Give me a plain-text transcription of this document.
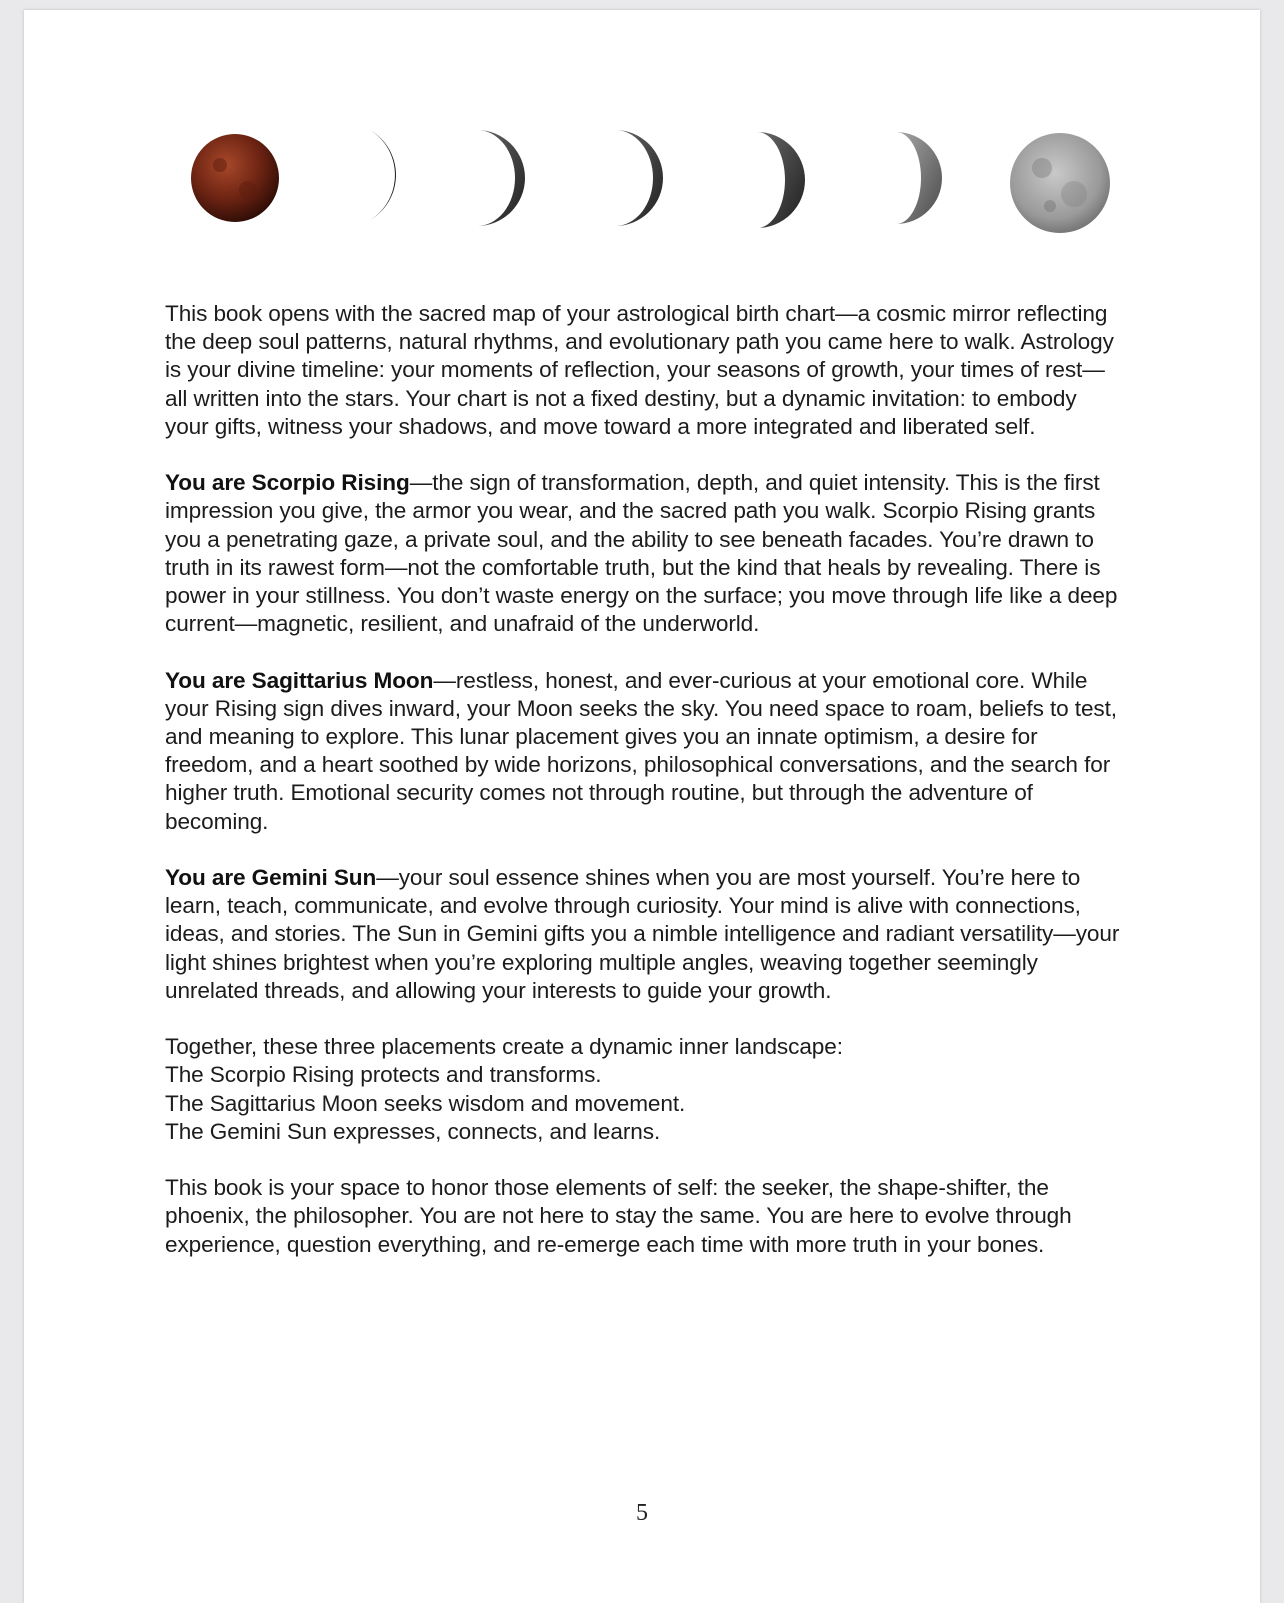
This book opens with the sacred map of your astrological birth chart—a cosmic mirror reflecting the deep soul patterns, natural rhythms, and evolutionary path you came here to walk. Astrology is your divine timeline: your moments of reflection, your seasons of growth, your times of rest—all written into the stars. Your chart is not a fixed destiny, but a dynamic invitation: to embody your gifts, witness your shadows, and move toward a more integrated and liberated self.

You are Scorpio Rising—the sign of transformation, depth, and quiet intensity. This is the first impression you give, the armor you wear, and the sacred path you walk. Scorpio Rising grants you a penetrating gaze, a private soul, and the ability to see beneath facades. You’re drawn to truth in its rawest form—not the comfortable truth, but the kind that heals by revealing. There is power in your stillness. You don’t waste energy on the surface; you move through life like a deep current—magnetic, resilient, and unafraid of the underworld.

You are Sagittarius Moon—restless, honest, and ever-curious at your emotional core. While your Rising sign dives inward, your Moon seeks the sky. You need space to roam, beliefs to test, and meaning to explore. This lunar placement gives you an innate optimism, a desire for freedom, and a heart soothed by wide horizons, philosophical conversations, and the search for higher truth. Emotional security comes not through routine, but through the adventure of becoming.

You are Gemini Sun—your soul essence shines when you are most yourself. You’re here to learn, teach, communicate, and evolve through curiosity. Your mind is alive with connections, ideas, and stories. The Sun in Gemini gifts you a nimble intelligence and radiant versatility—your light shines brightest when you’re exploring multiple angles, weaving together seemingly unrelated threads, and allowing your interests to guide your growth.

Together, these three placements create a dynamic inner landscape:
The Scorpio Rising protects and transforms.
The Sagittarius Moon seeks wisdom and movement.
The Gemini Sun expresses, connects, and learns.

This book is your space to honor those elements of self: the seeker, the shape-shifter, the phoenix, the philosopher. You are not here to stay the same. You are here to evolve through experience, question everything, and re-emerge each time with more truth in your bones.

5
